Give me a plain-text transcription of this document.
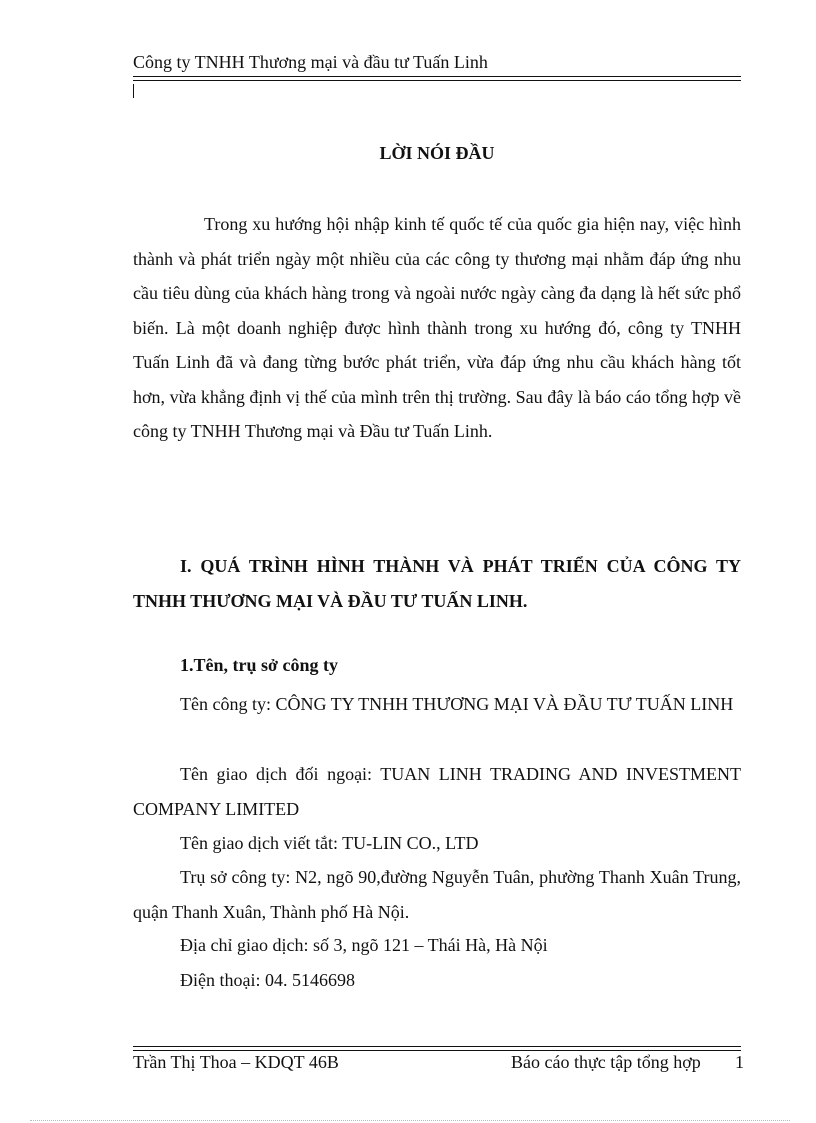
Công ty TNHH Thương mại và đầu tư Tuấn Linh
LỜI NÓI ĐẦU
Trong xu hướng hội nhập kinh tế quốc tế của quốc gia hiện nay, việc hình thành và phát triển ngày một nhiều của các công ty thương mại nhằm đáp ứng nhu cầu tiêu dùng của khách hàng trong và ngoài nước ngày càng đa dạng là hết sức phổ biến. Là một doanh nghiệp được hình thành trong xu hướng đó, công ty TNHH Tuấn Linh đã và đang từng bước phát triển, vừa đáp ứng nhu cầu khách hàng tốt hơn, vừa khẳng định vị thế của mình trên thị trường. Sau đây là báo cáo tổng hợp về công ty TNHH Thương mại và Đầu tư Tuấn Linh.
I. QUÁ TRÌNH HÌNH THÀNH VÀ PHÁT TRIỂN CỦA CÔNG TY TNHH THƯƠNG MẠI VÀ ĐẦU TƯ TUẤN LINH.
1.Tên, trụ sở công ty
Tên công ty: CÔNG TY TNHH THƯƠNG MẠI VÀ ĐẦU TƯ TUẤN LINH
Tên giao dịch đối ngoại: TUAN LINH TRADING AND INVESTMENT COMPANY LIMITED
Tên giao dịch viết tắt: TU-LIN CO., LTD
Trụ sở công ty: N2, ngõ 90,đường Nguyễn Tuân, phường Thanh Xuân Trung, quận Thanh Xuân, Thành phố Hà Nội.
Địa chỉ giao dịch: số 3, ngõ 121 – Thái Hà, Hà Nội
Điện thoại: 04. 5146698
Trần Thị Thoa – KDQT 46B	Báo cáo thực tập tổng hợp 1
